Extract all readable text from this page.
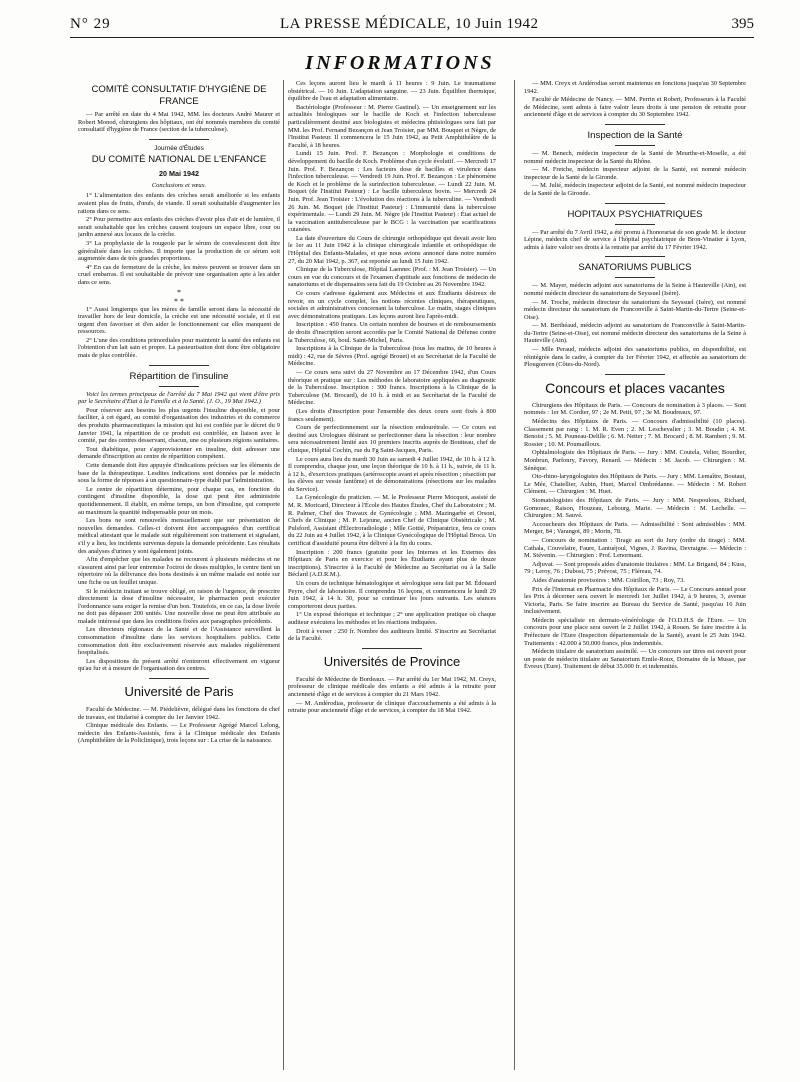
N° 29	LA PRESSE MÉDICALE, 10 Juin 1942	395
INFORMATIONS
COMITÉ CONSULTATIF D'HYGIÈNE DE FRANCE

— Par arrêté en date du 4 Mai 1942, MM. les docteurs André Maurer et Robert Monod, chirurgiens des hôpitaux, ont été nommés membres du comité consultatif d'hygiène de France (section de la tuberculose).

Journée d'Études
DU COMITÉ NATIONAL DE L'ENFANCE
20 Mai 1942
Conclusions et vœux.

1° L'alimentation des enfants des crèches serait améliorée si les enfants avaient plus de fruits, d'œufs, de viande. Il serait souhaitable d'augmenter les rations dans ce sens.

2° Pour permettre aux enfants des crèches d'avoir plus d'air et de lumière, il serait souhaitable que les crèches causent toujours un espace libre, cour ou jardin annexé aux locaux de la crèche.

3° La prophylaxie de la rougeole par le sérum de convalescent doit être généralisée dans les crèches. Il importe que la production de ce sérum soit augmentée dans de très grandes proportions.

4° En cas de fermeture de la crèche, les mères peuvent se trouver dans un cruel embarras. Il est souhaitable de prévoir une organisation apte à les aider dans ce sens.

*
* *

1° Aussi longtemps que les mères de famille seront dans la nécessité de travailler hors de leur domicile, la crèche est une nécessité sociale, et il est urgent d'en favoriser et d'en aider le fonctionnement car elles manquent de ressources.

2° L'une des conditions primordiales pour maintenir la santé des enfants est l'obtention d'un lait sain et propre. La pasteurisation doit donc être obligatoire mais de plus contrôlée.

Répartition de l'insuline

Voici les termes principaux de l'arrêté du 7 Mai 1942 qui vient d'être pris par le Secrétaire d'État à la Famille et à la Santé. (J. O., 19 Mai 1942.)

Pour réserver aux besoins les plus urgents l'insuline disponible, et pour faciliter, à cet égard, au comité d'organisation des industries et du commerce des produits pharmaceutiques la mission qui lui est confiée par le décret du 9 Janvier 1941, la répartition de ce produit est contrôlée, en liaison avec le comité, par des centres desservant, chacun, une ou plusieurs régions sanitaires.

Tout diabétique, pour s'approvisionner en insuline, doit adresser une demande d'inscription au centre de répartition compétent.

Cette demande doit être appuyée d'indications précises sur les éléments de base de la thérapeutique. Lesdites indications sont données par le médecin sous la forme de réponses à un questionnaire-type établi par l'administration.

Le centre de répartition détermine, pour chaque cas, en fonction du contingent d'insuline disponible, la dose qui peut être administrée quotidiennement. Il établit, en même temps, un bon d'insuline, qui comporte au maximum la quantité indispensable pour un mois.

Les bons ne sont renouvelés mensuellement que sur présentation de nouvelles demandes. Celles-ci doivent être accompagnées d'un certificat médical attestant que le malade suit régulièrement son traitement et signalant, s'il y a lieu, les incidents survenus depuis la demande précédente. Les résultats des analyses d'urines y sont également joints.

Afin d'empêcher que les malades ne recourent à plusieurs médecins et ne s'assurent ainsi par leur entremise l'octroi de doses multiples, le centre tient un répertoire où la délivrance des bons destinés à un même malade est notée sur une fiche ou un feuillet unique.

Si le médecin traitant se trouve obligé, en raison de l'urgence, de prescrire directement la dose d'insuline nécessaire, le pharmacien peut exécuter l'ordonnance sans exiger la remise d'un bon. Toutefois, en ce cas, la dose livrée ne doit pas dépasser 200 unités. Une nouvelle dose ne peut être attribuée au malade intéressé que dans les conditions fixées aux paragraphes précédents.

Les directeurs régionaux de la Santé et de l'Assistance surveillent la consommation d'insuline dans les services hospitaliers publics. Cette consommation doit être exclusivement réservée aux malades régulièrement hospitalisés.

Les dispositions du présent arrêté n'entreront effectivement en vigueur qu'au fur et à mesure de l'organisation des centres.

Université de Paris

Faculté de Médecine. — M. Piédelièvre, délégué dans les fonctions de chef de travaux, est titularisé à compter du 1er Janvier 1942.

Clinique médicale des Enfants. — Le Professeur Agrégé Marcel Lelong, médecin des Enfants-Assistés, fera à la Clinique médicale des Enfants (Amphithéâtre de la Policlinique), trois leçons sur : La crise de la naissance.

Ces leçons auront lieu le mardi à 11 heures : 9 Juin. Le traumatisme obstétrical. — 16 Juin. L'adaptation sanguine. — 23 Juin. Équilibre thermique, équilibre de l'eau et adaptation alimentaire.

Bactériologie (Professeur : M. Pierre Gastinel). — Un enseignement sur les actualités biologiques sur le bacille de Koch et l'infection tuberculeuse particulièrement destiné aux biologistes et médecins phtisiologues sera fait par MM. les Prof. Fernand Bezançon et Jean Troisier, par MM. Bouquet et Nègre, de l'Institut Pasteur. Il commencera le 15 Juin 1942, au Petit Amphithéâtre de la Faculté, à 18 heures.

Lundi 15 Juin. Prof. F. Bezançon : Morphologie et conditions de développement du bacille de Koch. Problème d'un cycle évolutif. — Mercredi 17 Juin. Prof. F. Bezançon : Les facteurs dose de bacilles et virulence dans l'infection tuberculeuse. — Vendredi 19 Juin. Prof. F. Bezançon : Le phénomène de Koch et le problème de la surinfection tuberculeuse. — Lundi 22 Juin. M. Boquet (de l'Institut Pasteur) : Le bacille tuberculeux bovin. — Mercredi 24 Juin. Prof. Jean Troisier : L'évolution des réactions à la tuberculine. — Vendredi 26 Juin. M. Boquet (de l'Institut Pasteur) : L'immunité dans la tuberculose expérimentale. — Lundi 29 Juin. M. Nègre (de l'Institut Pasteur) : État actuel de la vaccination antituberculeuse par le BCG : la vaccination par scarifications cutanées.

La date d'ouverture du Cours de chirurgie orthopédique qui devait avoir lieu le 1er au 11 Juin 1942 à la clinique chirurgicale infantile et orthopédique de l'Hôpital des Enfants-Malades, et que nous avions annoncé dans notre numéro 27, du 20 Mai 1942, p. 367, est reportée au lundi 15 Juin 1942.

Clinique de la Tuberculose, Hôpital Laennec (Prof. : M. Jean Troisier). — Un cours en vue du concours et de l'examen d'aptitude aux fonctions de médecin de sanatoriums et de dispensaires sera fait du 19 Octobre au 26 Novembre 1942.

Ce cours s'adresse également aux Médecins et aux Étudiants désireux de revoir, en un cycle complet, les notions récentes cliniques, thérapeutiques, sociales et administratives concernant la tuberculose. Le matin, stages cliniques avec démonstrations pratiques. Les leçons auront lieu l'après-midi.

Inscription : 450 francs. Un certain nombre de bourses et de remboursements de droits d'inscription seront accordés par le Comité National de Défense contre la Tuberculose, 66, boul. Saint-Michel, Paris.

Inscriptions à la Clinique de la Tuberculose (tous les matins, de 10 heures à midi) : 42, rue de Sèvres (Prof. agrégé Brouet) et au Secrétariat de la Faculté de Médecine.

— Ce cours sera suivi du 27 Novembre au 17 Décembre 1942, d'un Cours théorique et pratique sur : Les méthodes de laboratoire appliquées au diagnostic de la Tuberculose. Inscription : 300 francs. Inscriptions à la Clinique de la Tuberculose (M. Brocard), de 10 h. à midi et au Secrétariat de la Faculté de Médecine.

(Les droits d'inscription pour l'ensemble des deux cours sont fixés à 800 francs seulement).

Cours de perfectionnement sur la résection endourétrale. — Ce cours est destiné aux Urologues désirant se perfectionner dans la résection : leur nombre sera nécessairement limité aux 10 premiers inscrits auprès de Boutteau, chef de clinique, Hôpital Cochin, rue du Fg Saint-Jacques, Paris.

Le cours aura lieu du mardi 30 Juin au samedi 4 Juillet 1942, de 10 h. à 12 h. Il comprendra, chaque jour, une leçon théorique de 10 h. à 11 h., suivie, de 11 h. à 12 h., d'exercices pratiques (artéroscopie avant et après résection ; résection par les élèves sur vessie fantôme) et de démonstrations (résections sur les malades du Service).

La Gynécologie du praticien. — M. le Professeur Pierre Mocquot, assisté de M. R. Moricard, Directeur à l'École des Hautes Études, Chef du Laboratoire ; M. R. Palmer, Chef des Travaux de Gynécologie ; MM. Mazingarbe et Orsoni, Chefs de Clinique ; M. P. Lejeune, ancien Chef de Clinique Obstétricale ; M. Pulsford, Assistant d'Électroradiologie ; Mlle Gottié, Préparatrice, fera ce cours du 22 Juin au 4 Juillet 1942, à la Clinique Gynécologique de l'Hôpital Broca. Un certificat d'assiduité pourra être délivré à la fin du cours.

Inscription : 200 francs (gratuite pour les Internes et les Externes des Hôpitaux de Paris en exercice et pour les Étudiants ayant plus de douze inscriptions). S'inscrire à la Faculté de Médecine au Secrétariat ou à la Salle Béclard (A.D.R.M.).

Un cours de technique hématologique et sérologique sera fait par M. Édouard Peyre, chef de laboratoire. Il comprendra 16 leçons, et commencera le lundi 29 Juin 1942, à 14 h. 30, pour se continuer les jours suivants. Les séances comporteront deux parties.

1° Un exposé théorique et technique ; 2° une application pratique où chaque auditeur exécutera les méthodes et les réactions indiquées.

Droit à verser : 250 fr. Nombre des auditeurs limité. S'inscrire au Secrétariat de la Faculté.

Universités de Province

Faculté de Médecine de Bordeaux. — Par arrêté du 1er Mai 1942, M. Creyx, professeur de clinique médicale des enfants a été admis à la retraite pour ancienneté d'âge et de services à compter du 21 Mars 1942.

— M. Andérodias, professeur de clinique d'accouchements a été admis à la retraite pour ancienneté d'âge et de services, à compter du 18 Mai 1942.

— MM. Creyx et Andérodias seront maintenus en fonctions jusqu'au 30 Septembre 1942.

Faculté de Médecine de Nancy. — MM. Perrin et Robert, Professeurs à la Faculté de Médecine, sont admis à faire valoir leurs droits à une pension de retraite pour ancienneté d'âge et de services à compter du 30 Septembre 1942.

Inspection de la Santé

— M. Benech, médecin inspecteur de la Santé de Meurthe-et-Moselle, a été nommé médecin inspecteur de la Santé du Rhône.

— M. Fretche, médecin inspecteur adjoint de la Santé, est nommé médecin inspecteur de la Santé de la Gironde.

— M. Julié, médecin inspecteur adjoint de la Santé, est nommé médecin inspecteur de la Santé de la Gironde.

HOPITAUX PSYCHIATRIQUES

— Par arrêté du 7 Avril 1942, a été promu à l'honorariat de son grade M. le docteur Lépine, médecin chef de service à l'hôpital psychiatrique de Bron-Vinatier à Lyon, admis à faire valoir ses droits à la retraite par arrêté du 17 Février 1942.

SANATORIUMS PUBLICS

— M. Mayer, médecin adjoint aux sanatoriums de la Seine à Hauteville (Ain), est nommé médecin directeur du sanatorium de Seyssuel (Isère).

— M. Troche, médecin directeur du sanatorium du Seyssuel (Isère), est nommé médecin directeur du sanatorium de Franconville à Saint-Martin-du-Tertre (Seine-et-Oise).

— M. Berthéaud, médecin adjoint au sanatorium de Franconville à Saint-Martin-du-Tertre (Seine-et-Oise), est nommé médecin directeur des sanatoriums de la Seine à Hauteville (Ain).

— Mlle Peraud, médecin adjoint des sanatoriums publics, en disponibilité, est réintégrée dans le cadre, à compter du 1er Février 1942, et affectée au sanatorium de Plougonven (Côtes-du-Nord).

Concours et places vacantes

Chirurgiens des Hôpitaux de Paris. — Concours de nomination à 3 places. — Sont nommés : 1er M. Cordier, 97 ; 2e M. Petit, 97 ; 3e M. Boudreaux, 97.

Médecins des Hôpitaux de Paris. — Concours d'admissibilité (10 places). Classement par rang : 1. M. R. Even ; 2. M. Leschevalier ; 3. M. Boudin ; 4. M. Benoist ; 5. M. Pouneau-Delille ; 6. M. Netter ; 7. M. Brocard ; 8. M. Rambert ; 9. M. Rossier ; 10. M. Poumailloux.

Ophtalmologiste des Hôpitaux de Paris. — Jury : MM. Coutela, Velter, Bourdier, Monbrun, Parfonry, Favory, Renard. — Médecin : M. Jacob. — Chirurgien : M. Sénèque.

Oto-rhino-laryngologistes des Hôpitaux de Paris. — Jury : MM. Lemaître, Boutaut, Le Mée, Chatellier, Aubin, Huet, Marcel Ombrédanne. — Médecin : M. Robert Clément. — Chirurgien : M. Huet.

Stomatologistes des Hôpitaux de Paris. — Jury : MM. Nespoulous, Richard, Gornouec, Raison, Houzeau, Lebourg, Marie. — Médecin : M. Lechelle. — Chirurgien : M. Sauvé.

Accoucheurs des Hôpitaux de Paris. — Admissibilité : Sont admissibles : MM. Merger, 84 ; Varangot, 89 ; Morin, 78.

— Concours de nomination : Tirage au sort du Jury (ordre du tirage) : MM. Cathala, Couvelaire, Faure, Lantuéjoul, Vignes, J. Ravina, Devraigne. — Médecin : M. Stévenin. — Chirurgien : Prof. Lenormant.

Adjuvat. — Sont proposés aides d'anatomie titulaires : MM. Le Brigand, 84 ; Kuss, 79 ; Leroy, 76 ; Dubost, 75 ; Prévost, 75 ; Fléreau, 74.

Aides d'anatomie provisoires : MM. Coirillon, 73 ; Roy, 73.

Prix de l'Internat en Pharmacie des Hôpitaux de Paris. — Le Concours annuel pour les Prix à décerner sera ouvert le mercredi 1er Juillet 1942, à 9 heures, 3, avenue Victoria, Paris. Se faire inscrire au Bureau du Service de Santé, jusqu'au 16 Juin inclusivement.

Médecin spécialiste en dermato-vénéréologie de l'O.D.H.S de l'Eure. — Un concours pour une place sera ouvert le 2 Juillet 1942, à Rouen. Se faire inscrire à la Préfecture de l'Eure (Inspection départementale de la Santé), avant le 25 Juin 1942. Traitements : 42.000 à 50.000 francs, plus indemnités.

Médecin titulaire de sanatorium assimilé. — Un concours sur titres est ouvert pour un poste de médecin titulaire au Sanatorium Emile-Roux, Domaine de la Musse, par Évreux (Eure). Traitement de début 35.000 fr. et indemnités.
